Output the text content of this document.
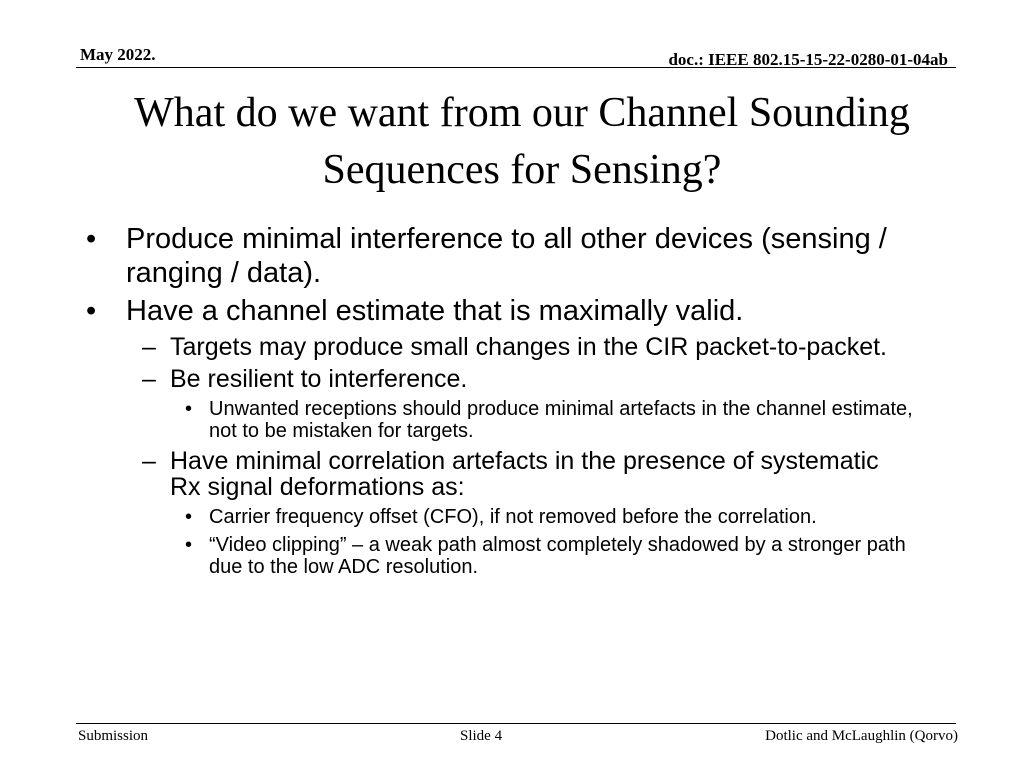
May 2022.	doc.: IEEE 802.15-15-22-0280-01-04ab
What do we want from our Channel Sounding Sequences for Sensing?
• Produce minimal interference to all other devices (sensing / ranging / data).
• Have a channel estimate that is maximally valid.
– Targets may produce small changes in the CIR packet-to-packet.
– Be resilient to interference.
• Unwanted receptions should produce minimal artefacts in the channel estimate, not to be mistaken for targets.
– Have minimal correlation artefacts in the presence of systematic Rx signal deformations as:
• Carrier frequency offset (CFO), if not removed before the correlation.
• “Video clipping” – a weak path almost completely shadowed by a stronger path due to the low ADC resolution.
Submission	Slide 4	Dotlic and McLaughlin (Qorvo)
